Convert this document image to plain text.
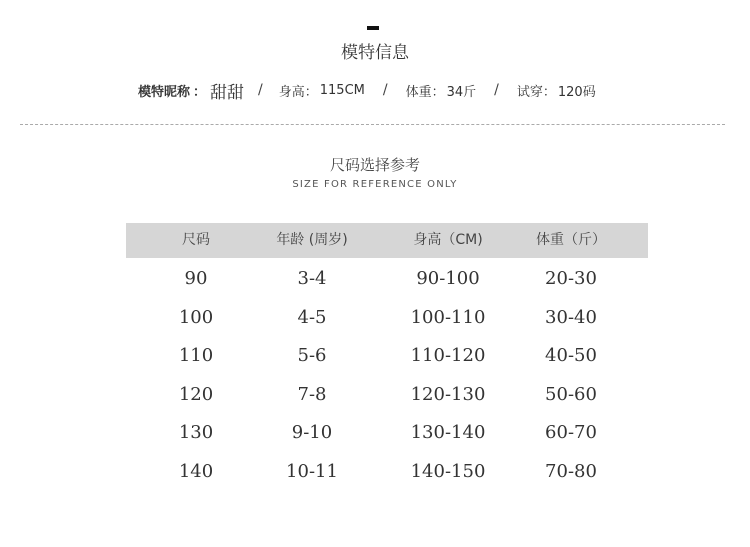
模特信息
模特昵称 ： 甜甜 / 身高： 115CM / 体重： 34斤 / 试穿： 120码
尺码选择参考
SIZE FOR REFERENCE ONLY
尺码	年龄 (周岁)	身高（CM)	体重（斤）
90	3-4	90-100	20-30
100	4-5	100-110	30-40
110	5-6	110-120	40-50
120	7-8	120-130	50-60
130	9-10	130-140	60-70
140	10-11	140-150	70-80
